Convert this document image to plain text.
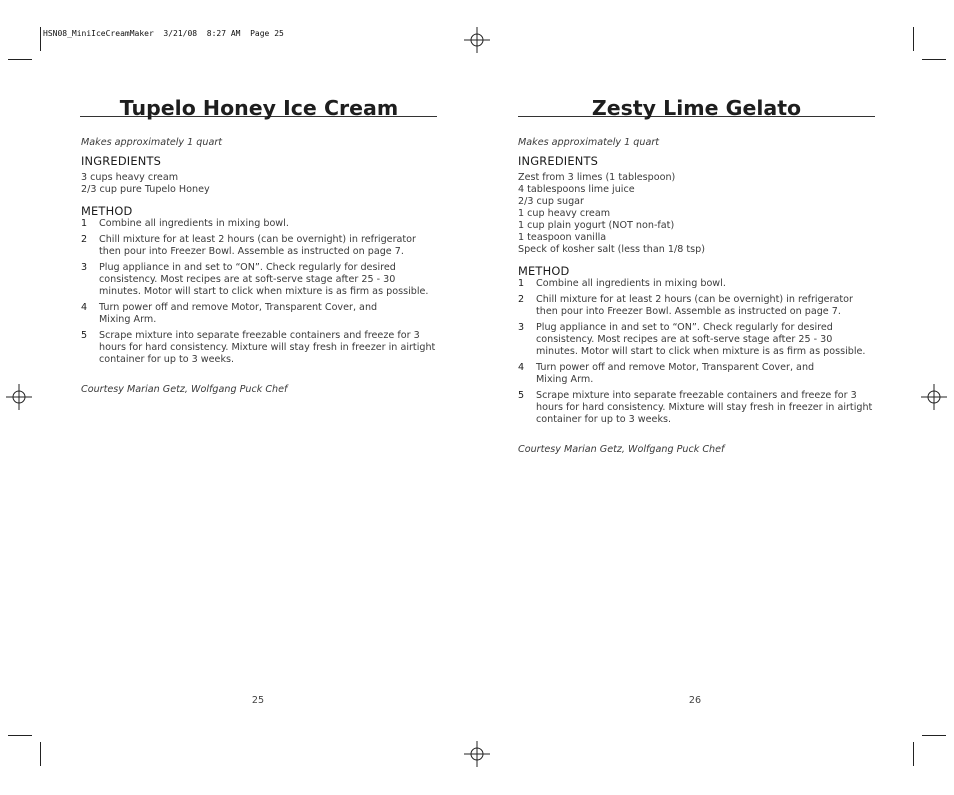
HSN08_MiniIceCreamMaker  3/21/08  8:27 AM  Page 25
Tupelo Honey Ice Cream
Makes approximately 1 quart
INGREDIENTS
3 cups heavy cream
2/3 cup pure Tupelo Honey
METHOD
1	Combine all ingredients in mixing bowl.
2	Chill mixture for at least 2 hours (can be overnight) in refrigerator
then pour into Freezer Bowl. Assemble as instructed on page 7.
3	Plug appliance in and set to “ON”. Check regularly for desired
consistency. Most recipes are at soft-serve stage after 25 - 30
minutes. Motor will start to click when mixture is as firm as possible.
4	Turn power off and remove Motor, Transparent Cover, and
Mixing Arm.
5	Scrape mixture into separate freezable containers and freeze for 3
hours for hard consistency. Mixture will stay fresh in freezer in airtight
container for up to 3 weeks.
Courtesy Marian Getz, Wolfgang Puck Chef
25
Zesty Lime Gelato
Makes approximately 1 quart
INGREDIENTS
Zest from 3 limes (1 tablespoon)
4 tablespoons lime juice
2/3 cup sugar
1 cup heavy cream
1 cup plain yogurt (NOT non-fat)
1 teaspoon vanilla
Speck of kosher salt (less than 1/8 tsp)
METHOD
1	Combine all ingredients in mixing bowl.
2	Chill mixture for at least 2 hours (can be overnight) in refrigerator
then pour into Freezer Bowl. Assemble as instructed on page 7.
3	Plug appliance in and set to “ON”. Check regularly for desired
consistency. Most recipes are at soft-serve stage after 25 - 30
minutes. Motor will start to click when mixture is as firm as possible.
4	Turn power off and remove Motor, Transparent Cover, and
Mixing Arm.
5	Scrape mixture into separate freezable containers and freeze for 3
hours for hard consistency. Mixture will stay fresh in freezer in airtight
container for up to 3 weeks.
Courtesy Marian Getz, Wolfgang Puck Chef
26
